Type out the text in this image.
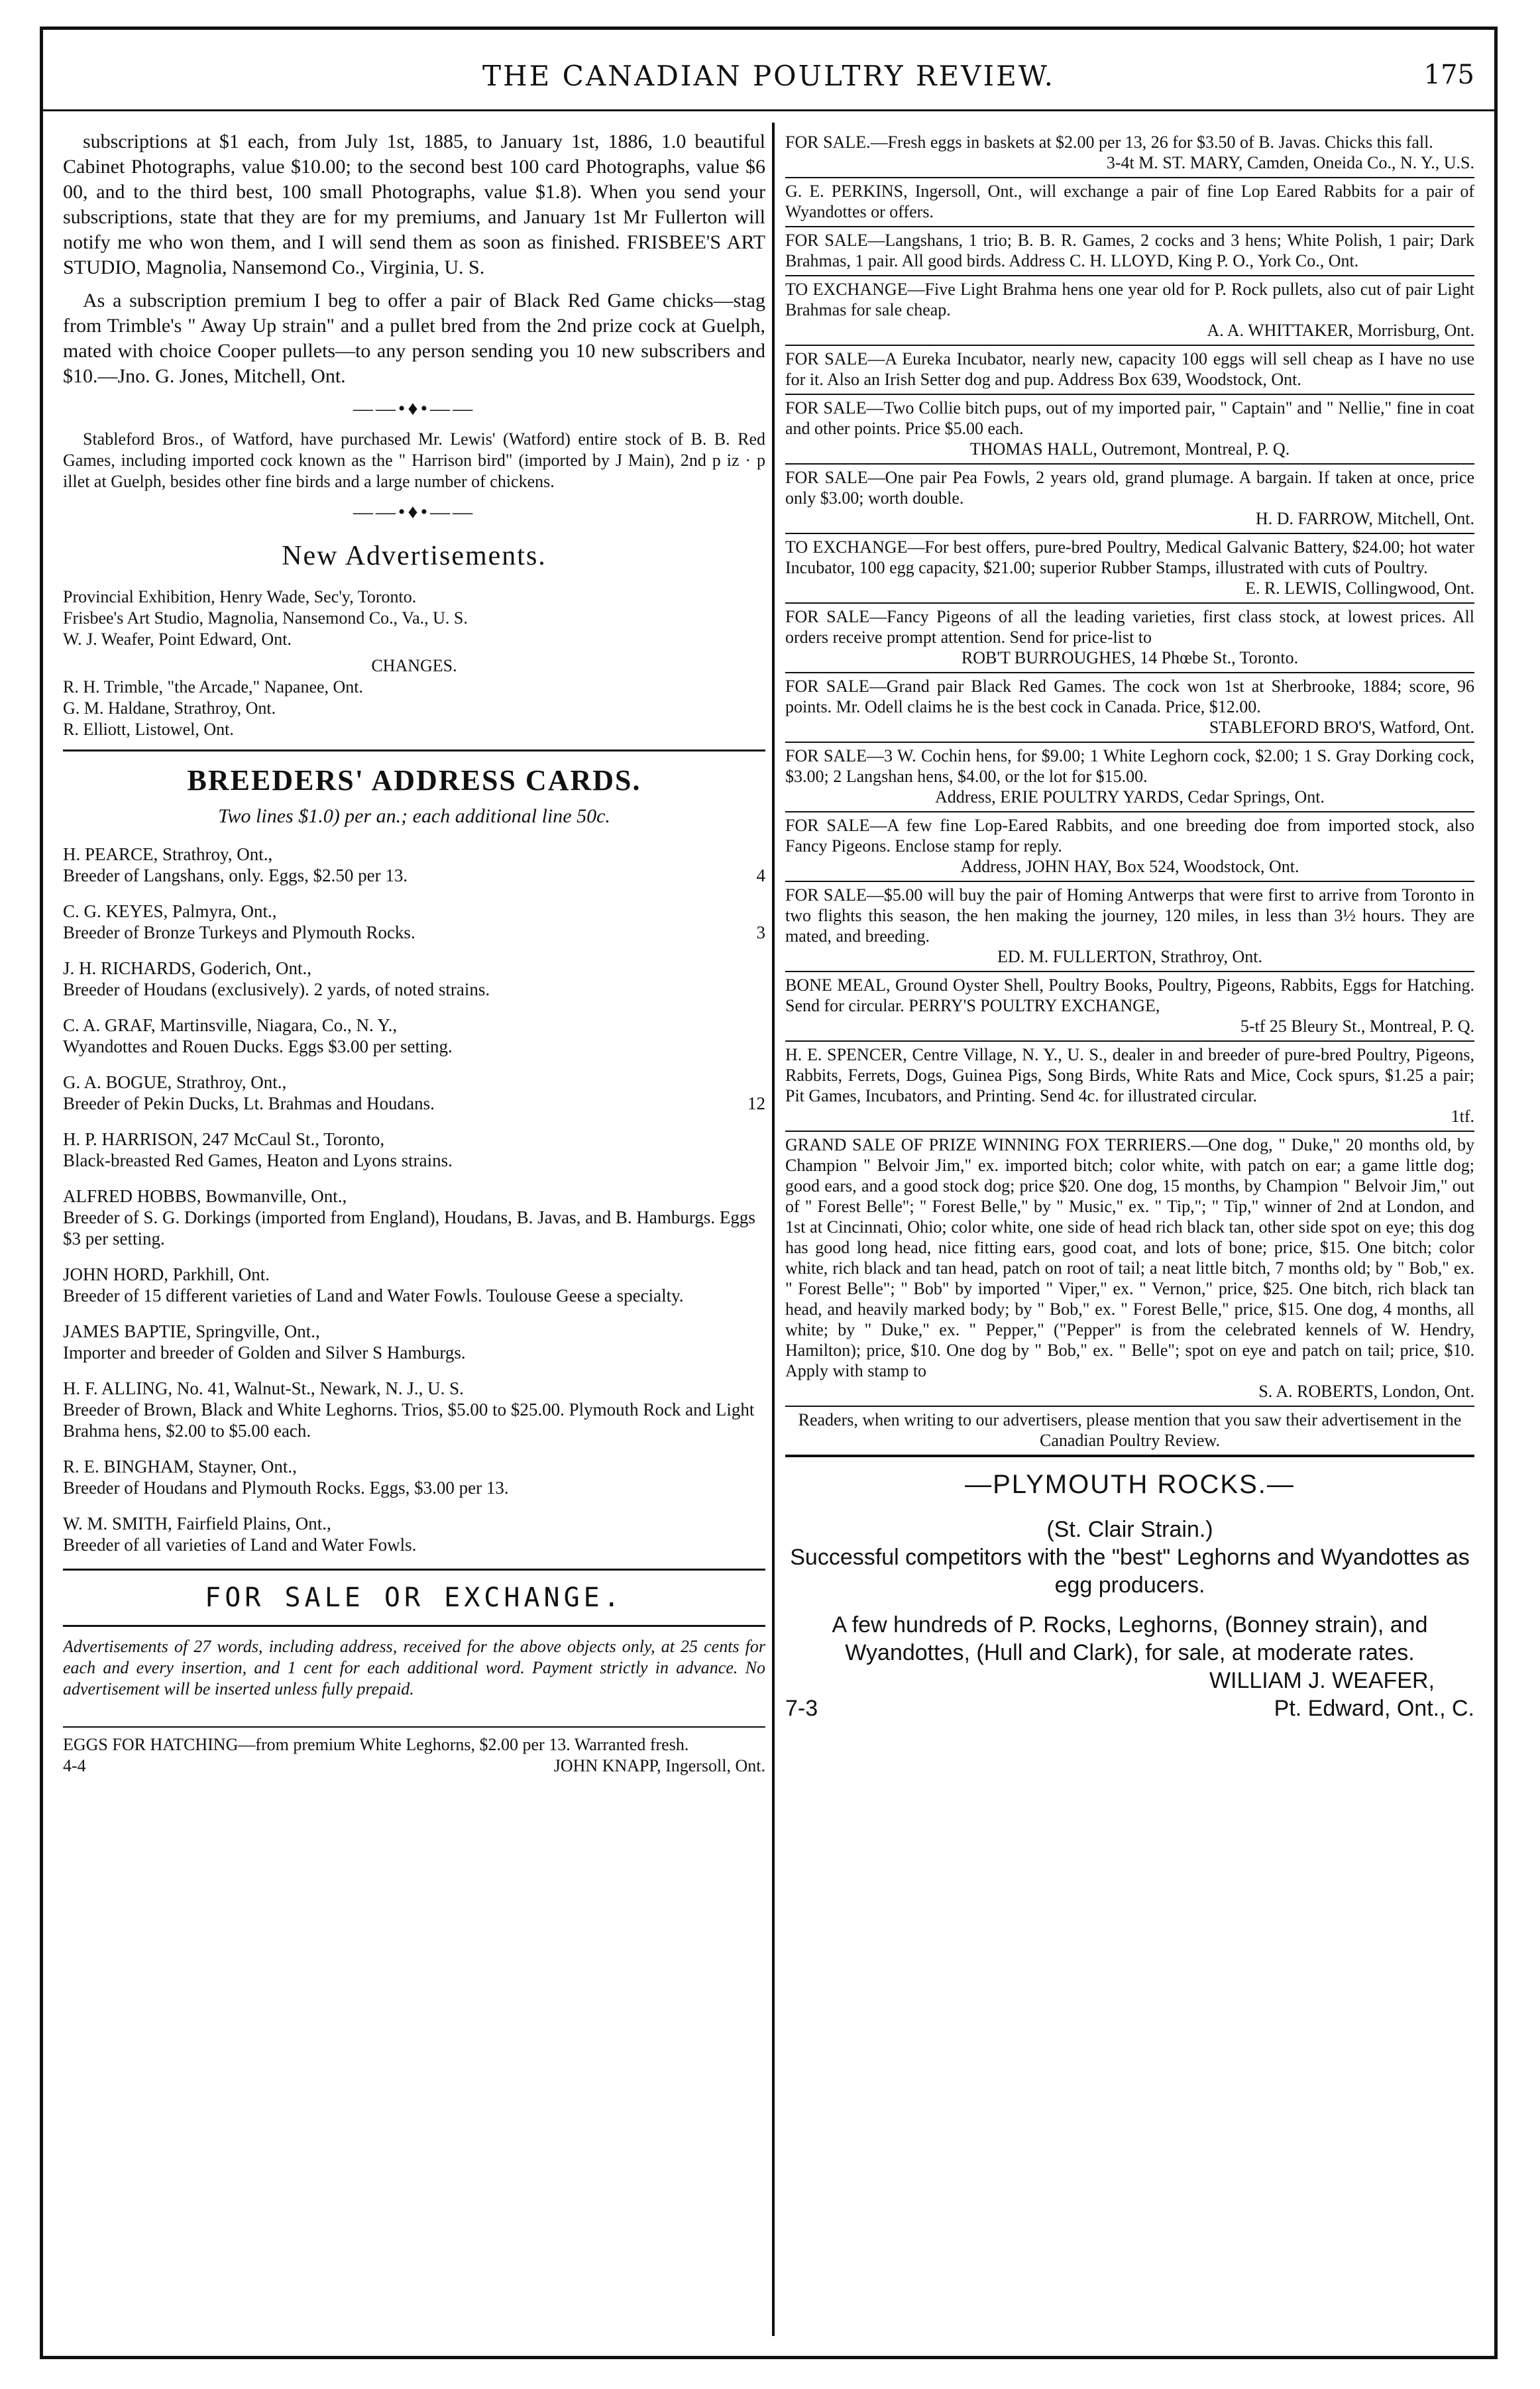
THE CANADIAN POULTRY REVIEW.	175

subscriptions at $1 each, from July 1st, 1885, to January 1st, 1886, 1.0 beautiful Cabinet Photographs, value $10.00; to the second best 100 card Photographs, value $6 00, and to the third best, 100 small Photographs, value $1.8). When you send your subscriptions, state that they are for my premiums, and January 1st Mr Fullerton will notify me who won them, and I will send them as soon as finished. FRISBEE'S ART STUDIO, Magnolia, Nansemond Co., Virginia, U. S.

As a subscription premium I beg to offer a pair of Black Red Game chicks—stag from Trimble's " Away Up strain" and a pullet bred from the 2nd prize cock at Guelph, mated with choice Cooper pullets—to any person sending you 10 new subscribers and $10.—Jno. G. Jones, Mitchell, Ont.

——•♦•——

Stableford Bros., of Watford, have purchased Mr. Lewis' (Watford) entire stock of B. B. Red Games, including imported cock known as the " Harrison bird" (imported by J Main), 2nd p iz · p illet at Guelph, besides other fine birds and a large number of chickens.

——•♦•——
New Advertisements.

Provincial Exhibition, Henry Wade, Sec'y, Toronto.

Frisbee's Art Studio, Magnolia, Nansemond Co., Va., U. S.

W. J. Weafer, Point Edward, Ont.

CHANGES.

R. H. Trimble, "the Arcade," Napanee, Ont.

G. M. Haldane, Strathroy, Ont.

R. Elliott, Listowel, Ont.

BREEDERS' ADDRESS CARDS.

Two lines $1.0) per an.; each additional line 50c.

H. PEARCE, Strathroy, Ont.,

Breeder of Langshans, only. Eggs, $2.50 per 13.	4

C. G. KEYES, Palmyra, Ont.,

Breeder of Bronze Turkeys and Plymouth Rocks.	3

J. H. RICHARDS, Goderich, Ont.,

Breeder of Houdans (exclusively). 2 yards, of noted strains.

C. A. GRAF, Martinsville, Niagara, Co., N. Y.,

Wyandottes and Rouen Ducks. Eggs $3.00 per setting.

G. A. BOGUE, Strathroy, Ont.,

Breeder of Pekin Ducks, Lt. Brahmas and Houdans.	12

H. P. HARRISON, 247 McCaul St., Toronto,

Black-breasted Red Games, Heaton and Lyons strains.

ALFRED HOBBS, Bowmanville, Ont.,

Breeder of S. G. Dorkings (imported from England), Houdans, B. Javas, and B. Hamburgs. Eggs $3 per setting.

JOHN HORD, Parkhill, Ont.

Breeder of 15 different varieties of Land and Water Fowls. Toulouse Geese a specialty.

JAMES BAPTIE, Springville, Ont.,

Importer and breeder of Golden and Silver S Hamburgs.

H. F. ALLING, No. 41, Walnut-St., Newark, N. J., U. S.

Breeder of Brown, Black and White Leghorns. Trios, $5.00 to $25.00. Plymouth Rock and Light Brahma hens, $2.00 to $5.00 each.

R. E. BINGHAM, Stayner, Ont.,

Breeder of Houdans and Plymouth Rocks. Eggs, $3.00 per 13.

W. M. SMITH, Fairfield Plains, Ont.,

Breeder of all varieties of Land and Water Fowls.

FOR SALE OR EXCHANGE.

Advertisements of 27 words, including address, received for the above objects only, at 25 cents for each and every insertion, and 1 cent for each additional word. Payment strictly in advance. No advertisement will be inserted unless fully prepaid.

EGGS FOR HATCHING—from premium White Leghorns, $2.00 per 13. Warranted fresh.

4-4	JOHN KNAPP, Ingersoll, Ont.

FOR SALE.—Fresh eggs in baskets at $2.00 per 13, 26 for $3.50 of B. Javas. Chicks this fall.

3-4t M. ST. MARY, Camden, Oneida Co., N. Y., U.S.

G. E. PERKINS, Ingersoll, Ont., will exchange a pair of fine Lop Eared Rabbits for a pair of Wyandottes or offers.

FOR SALE—Langshans, 1 trio; B. B. R. Games, 2 cocks and 3 hens; White Polish, 1 pair; Dark Brahmas, 1 pair. All good birds. Address C. H. LLOYD, King P. O., York Co., Ont.

TO EXCHANGE—Five Light Brahma hens one year old for P. Rock pullets, also cut of pair Light Brahmas for sale cheap.

A. A. WHITTAKER, Morrisburg, Ont.

FOR SALE—A Eureka Incubator, nearly new, capacity 100 eggs will sell cheap as I have no use for it. Also an Irish Setter dog and pup. Address Box 639, Woodstock, Ont.

FOR SALE—Two Collie bitch pups, out of my imported pair, " Captain" and " Nellie," fine in coat and other points. Price $5.00 each.

THOMAS HALL, Outremont, Montreal, P. Q.

FOR SALE—One pair Pea Fowls, 2 years old, grand plumage. A bargain. If taken at once, price only $3.00; worth double.

H. D. FARROW, Mitchell, Ont.

TO EXCHANGE—For best offers, pure-bred Poultry, Medical Galvanic Battery, $24.00; hot water Incubator, 100 egg capacity, $21.00; superior Rubber Stamps, illustrated with cuts of Poultry.

E. R. LEWIS, Collingwood, Ont.

FOR SALE—Fancy Pigeons of all the leading varieties, first class stock, at lowest prices. All orders receive prompt attention. Send for price-list to

ROB'T BURROUGHES, 14 Phœbe St., Toronto.

FOR SALE—Grand pair Black Red Games. The cock won 1st at Sherbrooke, 1884; score, 96 points. Mr. Odell claims he is the best cock in Canada. Price, $12.00.

STABLEFORD BRO'S, Watford, Ont.

FOR SALE—3 W. Cochin hens, for $9.00; 1 White Leghorn cock, $2.00; 1 S. Gray Dorking cock, $3.00; 2 Langshan hens, $4.00, or the lot for $15.00.

Address, ERIE POULTRY YARDS, Cedar Springs, Ont.

FOR SALE—A few fine Lop-Eared Rabbits, and one breeding doe from imported stock, also Fancy Pigeons. Enclose stamp for reply.

Address, JOHN HAY, Box 524, Woodstock, Ont.

FOR SALE—$5.00 will buy the pair of Homing Antwerps that were first to arrive from Toronto in two flights this season, the hen making the journey, 120 miles, in less than 3½ hours. They are mated, and breeding.

ED. M. FULLERTON, Strathroy, Ont.

BONE MEAL, Ground Oyster Shell, Poultry Books, Poultry, Pigeons, Rabbits, Eggs for Hatching. Send for circular. PERRY'S POULTRY EXCHANGE,

5-tf 25 Bleury St., Montreal, P. Q.

H. E. SPENCER, Centre Village, N. Y., U. S., dealer in and breeder of pure-bred Poultry, Pigeons, Rabbits, Ferrets, Dogs, Guinea Pigs, Song Birds, White Rats and Mice, Cock spurs, $1.25 a pair; Pit Games, Incubators, and Printing. Send 4c. for illustrated circular.

1tf.

GRAND SALE OF PRIZE WINNING FOX TERRIERS.—One dog, " Duke," 20 months old, by Champion " Belvoir Jim," ex. imported bitch; color white, with patch on ear; a game little dog; good ears, and a good stock dog; price $20. One dog, 15 months, by Champion " Belvoir Jim," out of " Forest Belle"; " Forest Belle," by " Music," ex. " Tip,"; " Tip," winner of 2nd at London, and 1st at Cincinnati, Ohio; color white, one side of head rich black tan, other side spot on eye; this dog has good long head, nice fitting ears, good coat, and lots of bone; price, $15. One bitch; color white, rich black and tan head, patch on root of tail; a neat little bitch, 7 months old; by " Bob," ex. " Forest Belle"; " Bob" by imported " Viper," ex. " Vernon," price, $25. One bitch, rich black tan head, and heavily marked body; by " Bob," ex. " Forest Belle," price, $15. One dog, 4 months, all white; by " Duke," ex. " Pepper," ("Pepper" is from the celebrated kennels of W. Hendry, Hamilton); price, $10. One dog by " Bob," ex. " Belle"; spot on eye and patch on tail; price, $10. Apply with stamp to

S. A. ROBERTS, London, Ont.

Readers, when writing to our advertisers, please mention that you saw their advertisement in the Canadian Poultry Review.

—PLYMOUTH ROCKS.—

(St. Clair Strain.)

Successful competitors with the "best" Leghorns and Wyandottes as egg producers.

A few hundreds of P. Rocks, Leghorns, (Bonney strain), and Wyandottes, (Hull and Clark), for sale, at moderate rates.

WILLIAM J. WEAFER,

7-3	Pt. Edward, Ont., C.
